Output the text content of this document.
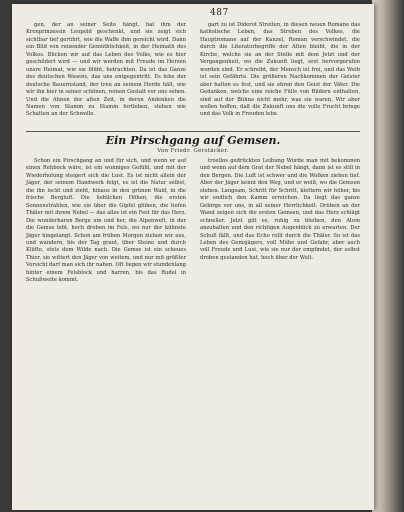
487

gen, der an seiner Seite hängt, hat ihm der Kronprinzessin Leopold geschenkt, und sie zeigt sich sichtbar tief gerührt, wie die Waffe ihm gereicht wird. Dann ein Bild von reizender Gemüthlichkeit, in der Heimath des Volkes. Blicken wir auf das Leben des Volks, wie es hier geschildert wird — und wir werden mit Freude im Herzen unsre Heimat, wie sie blüht, betrachten. Da ist das Ganze des deutschen Wesens, das uns entgegentritt. Es lebe der deutsche Bauernstand, der treu an seinem Herde hält, wie wir ihn hier in seiner schönen, reinen Gestalt vor uns sehen. Und die Ahnen der alten Zeit, in deren Andenken die Namen von Stamm zu Stamm fortleben, stehen wie Schatten an der Schwelle.

gart zu ist Diderot Streiten, in diesen neuen Romane das katholische Leben, das Streben des Volkes, die Hauptromane auf der Kanzel, Roman verschwindet, die durch die Literaturbegriffe der Alten bleibt, die in der Kirche, welche sie an der Stelle mit dem Jetzt und der Vergangenheit, wo die Zukunft liegt, erst hervorgerufen worden sind. Er schreibt, der Mensch ist frei, und das Weib ist sein Gefährte. Die größeren Nachkommen der Geister aber halten es fest, und sie ehren den Geist der Väter. Die Gedanken, welche eine reiche Fülle von Bildern enthalten, sind auf der Bühne nicht mehr, was sie waren. Wir aber wollen hoffen, daß die Zukunft uns die volle Frucht bringe und das Volk in Freuden lebe.

Ein Pirschgang auf Gemsen.
Von Friedr. Gerstäcker.

Schon ein Pirschgang an und für sich, und wenn er auf einen Rehbock wäre, ist ein wonniges Gefühl, und mit der Wiederholung steigert sich die Lust. Es ist nicht allein der Jäger, der seinem Handwerk folgt, es ist die Natur selbst, die ihn lockt und zieht, hinaus in den grünen Wald, in die frische Bergluft. Die lieblichen Höhen, die ersten Sonnenstrahlen, wie sie über die Gipfel glühen, die tiefen Thäler mit ihrem Nebel — das alles ist ein Fest für das Herz. Die wunderbaren Berge um und her, die Alpenwelt, in der die Gemse lebt, hoch droben im Fels, wo nur der kühnste Jäger hingelangt. Schon am frühen Morgen ziehen wir aus, und wandern, bis der Tag graut, über Steine und durch Klüfte, stets dem Wilde nach. Die Gemse ist ein scheues Thier, sie wittert den Jäger von weitem, und nur mit größter Vorsicht darf man sich ihr nahen. Oft liegen wir stundenlang hinter einem Felsblock und harren, bis das Rudel in Schußweite kommt.

trostlos gedrückten Leibung Wurde man mit bekommen und wenn auf dem Grat der Nebel hängt, dann ist es still in den Bergen. Die Luft ist schwer und die Wolken ziehen tief. Aber der Jäger kennt den Weg, und er weiß, wo die Gemsen stehen. Langsam, Schritt für Schritt, klettern wir höher, bis wir endlich den Kamm erreichen. Da liegt das ganze Gebirge vor uns, in all seiner Herrlichkeit. Drüben an der Wand zeigen sich die ersten Gemsen, und das Herz schlägt schneller. Jetzt gilt es, ruhig zu bleiben, den Atem anzuhalten und den richtigen Augenblick zu erwarten. Der Schuß fällt, und das Echo rollt durch die Thäler. So ist das Leben des Gemsjägers, voll Mühe und Gefahr, aber auch voll Freude und Lust, wie sie nur der empfindet, der selbst droben gestanden hat, hoch über der Welt.
